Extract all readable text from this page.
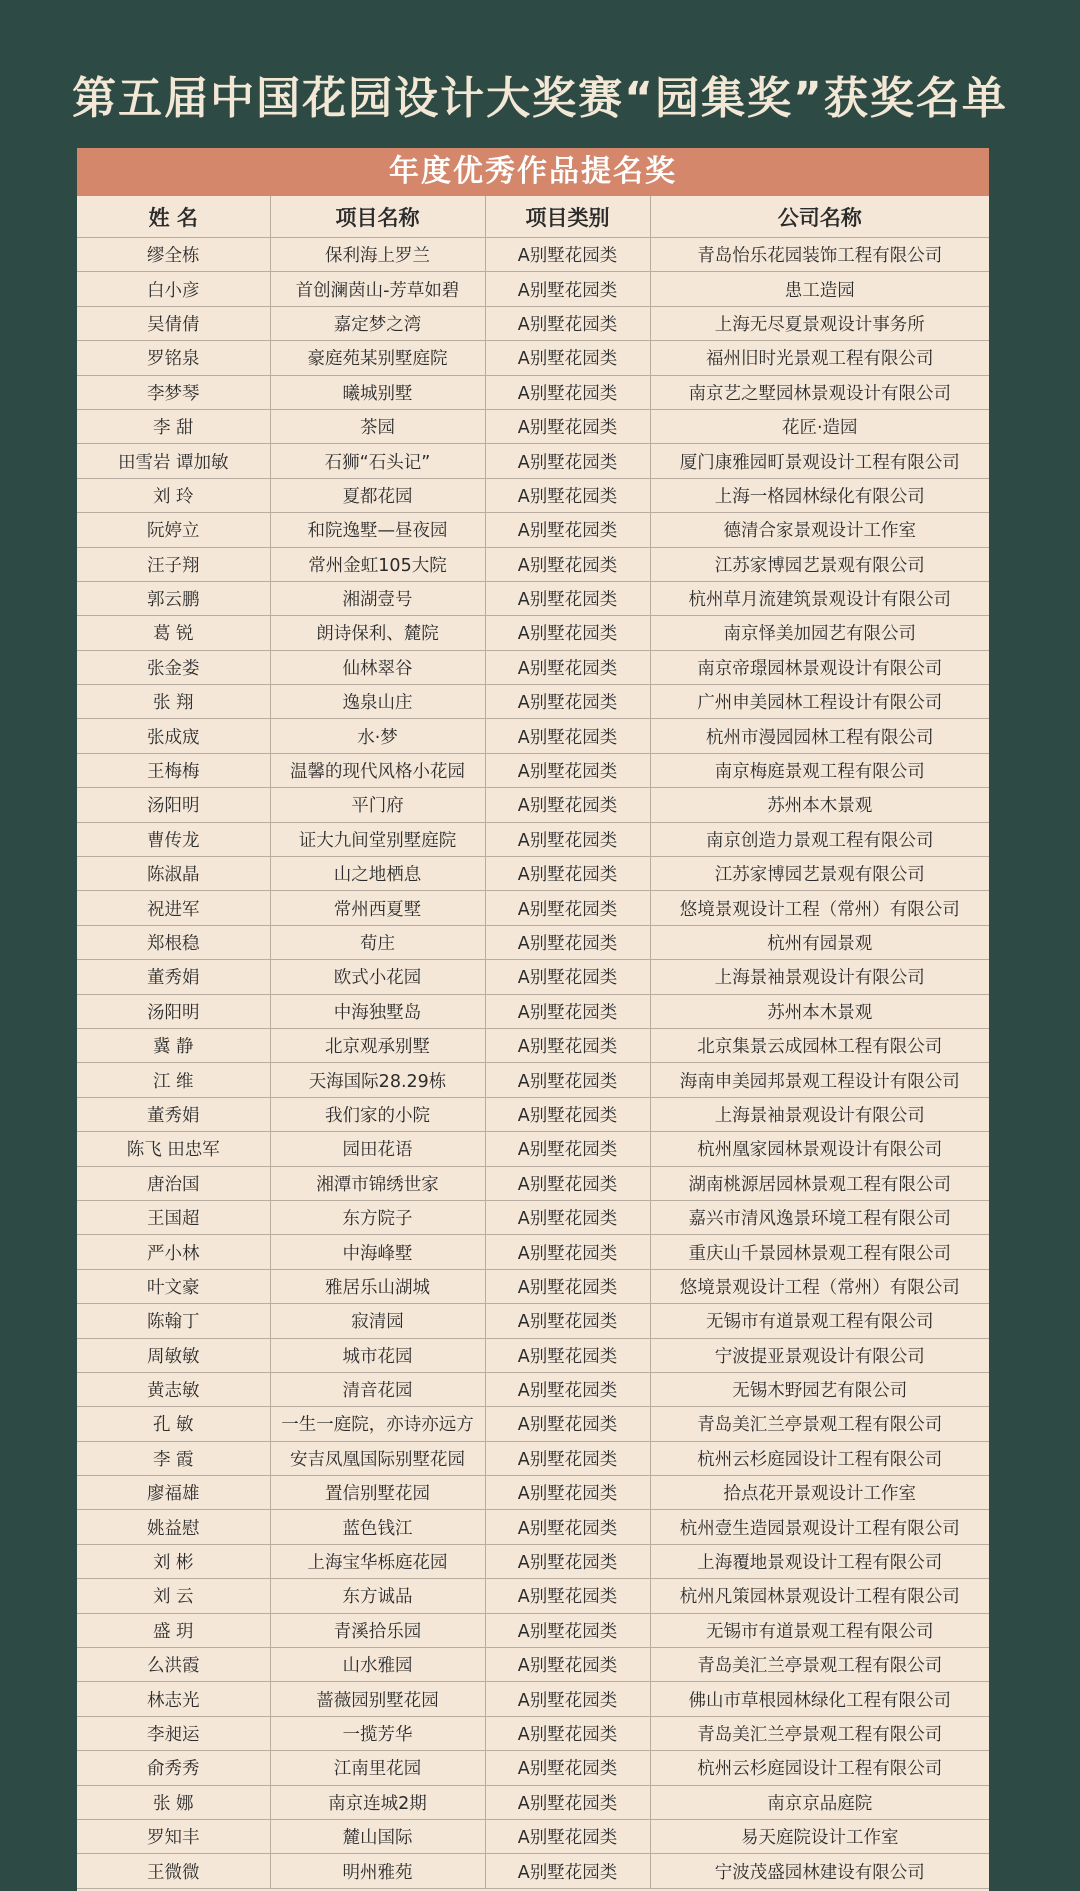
第五届中国花园设计大奖赛“园集奖”获奖名单
年度优秀作品提名奖
姓 名	项目名称	项目类别	公司名称
缪全栋	保利海上罗兰	A别墅花园类	青岛怡乐花园装饰工程有限公司
白小彦	首创澜茵山-芳草如碧	A别墅花园类	患工造园
吴倩倩	嘉定梦之湾	A别墅花园类	上海无尽夏景观设计事务所
罗铭泉	豪庭苑某别墅庭院	A别墅花园类	福州旧时光景观工程有限公司
李梦琴	曦城别墅	A别墅花园类	南京艺之墅园林景观设计有限公司
李 甜	茶园	A别墅花园类	花匠·造园
田雪岩 谭加敏	石狮“石头记”	A别墅花园类	厦门康雅园町景观设计工程有限公司
刘 玲	夏都花园	A别墅花园类	上海一格园林绿化有限公司
阮婷立	和院逸墅—昼夜园	A别墅花园类	德清合家景观设计工作室
汪子翔	常州金虹105大院	A别墅花园类	江苏家博园艺景观有限公司
郭云鹏	湘湖壹号	A别墅花园类	杭州草月流建筑景观设计有限公司
葛 锐	朗诗保利、麓院	A别墅花园类	南京怿美加园艺有限公司
张金娄	仙林翠谷	A别墅花园类	南京帝璟园林景观设计有限公司
张 翔	逸泉山庄	A别墅花园类	广州申美园林工程设计有限公司
张成宬	水·梦	A别墅花园类	杭州市漫园园林工程有限公司
王梅梅	温馨的现代风格小花园	A别墅花园类	南京梅庭景观工程有限公司
汤阳明	平门府	A别墅花园类	苏州本木景观
曹传龙	证大九间堂别墅庭院	A别墅花园类	南京创造力景观工程有限公司
陈淑晶	山之地栖息	A别墅花园类	江苏家博园艺景观有限公司
祝进军	常州西夏墅	A别墅花园类	悠境景观设计工程（常州）有限公司
郑根稳	荀庄	A别墅花园类	杭州有园景观
董秀娟	欧式小花园	A别墅花园类	上海景袖景观设计有限公司
汤阳明	中海独墅岛	A别墅花园类	苏州本木景观
冀 静	北京观承别墅	A别墅花园类	北京集景云成园林工程有限公司
江 维	天海国际28.29栋	A别墅花园类	海南申美园邦景观工程设计有限公司
董秀娟	我们家的小院	A别墅花园类	上海景袖景观设计有限公司
陈飞 田忠军	园田花语	A别墅花园类	杭州凰家园林景观设计有限公司
唐治国	湘潭市锦绣世家	A别墅花园类	湖南桃源居园林景观工程有限公司
王国超	东方院子	A别墅花园类	嘉兴市清风逸景环境工程有限公司
严小林	中海峰墅	A别墅花园类	重庆山千景园林景观工程有限公司
叶文豪	雅居乐山湖城	A别墅花园类	悠境景观设计工程（常州）有限公司
陈翰丁	寂清园	A别墅花园类	无锡市有道景观工程有限公司
周敏敏	城市花园	A别墅花园类	宁波提亚景观设计有限公司
黄志敏	清音花园	A别墅花园类	无锡木野园艺有限公司
孔 敏	一生一庭院，亦诗亦远方	A别墅花园类	青岛美汇兰亭景观工程有限公司
李 霞	安吉凤凰国际别墅花园	A别墅花园类	杭州云杉庭园设计工程有限公司
廖福雄	置信别墅花园	A别墅花园类	拾点花开景观设计工作室
姚益慰	蓝色钱江	A别墅花园类	杭州壹生造园景观设计工程有限公司
刘 彬	上海宝华栎庭花园	A别墅花园类	上海覆地景观设计工程有限公司
刘 云	东方诚品	A别墅花园类	杭州凡策园林景观设计工程有限公司
盛 玥	青溪拾乐园	A别墅花园类	无锡市有道景观工程有限公司
么洪霞	山水雅园	A别墅花园类	青岛美汇兰亭景观工程有限公司
林志光	蔷薇园别墅花园	A别墅花园类	佛山市草根园林绿化工程有限公司
李昶运	一揽芳华	A别墅花园类	青岛美汇兰亭景观工程有限公司
俞秀秀	江南里花园	A别墅花园类	杭州云杉庭园设计工程有限公司
张 娜	南京连城2期	A别墅花园类	南京京品庭院
罗知丰	麓山国际	A别墅花园类	易天庭院设计工作室
王微微	明州雅苑	A别墅花园类	宁波茂盛园林建设有限公司
